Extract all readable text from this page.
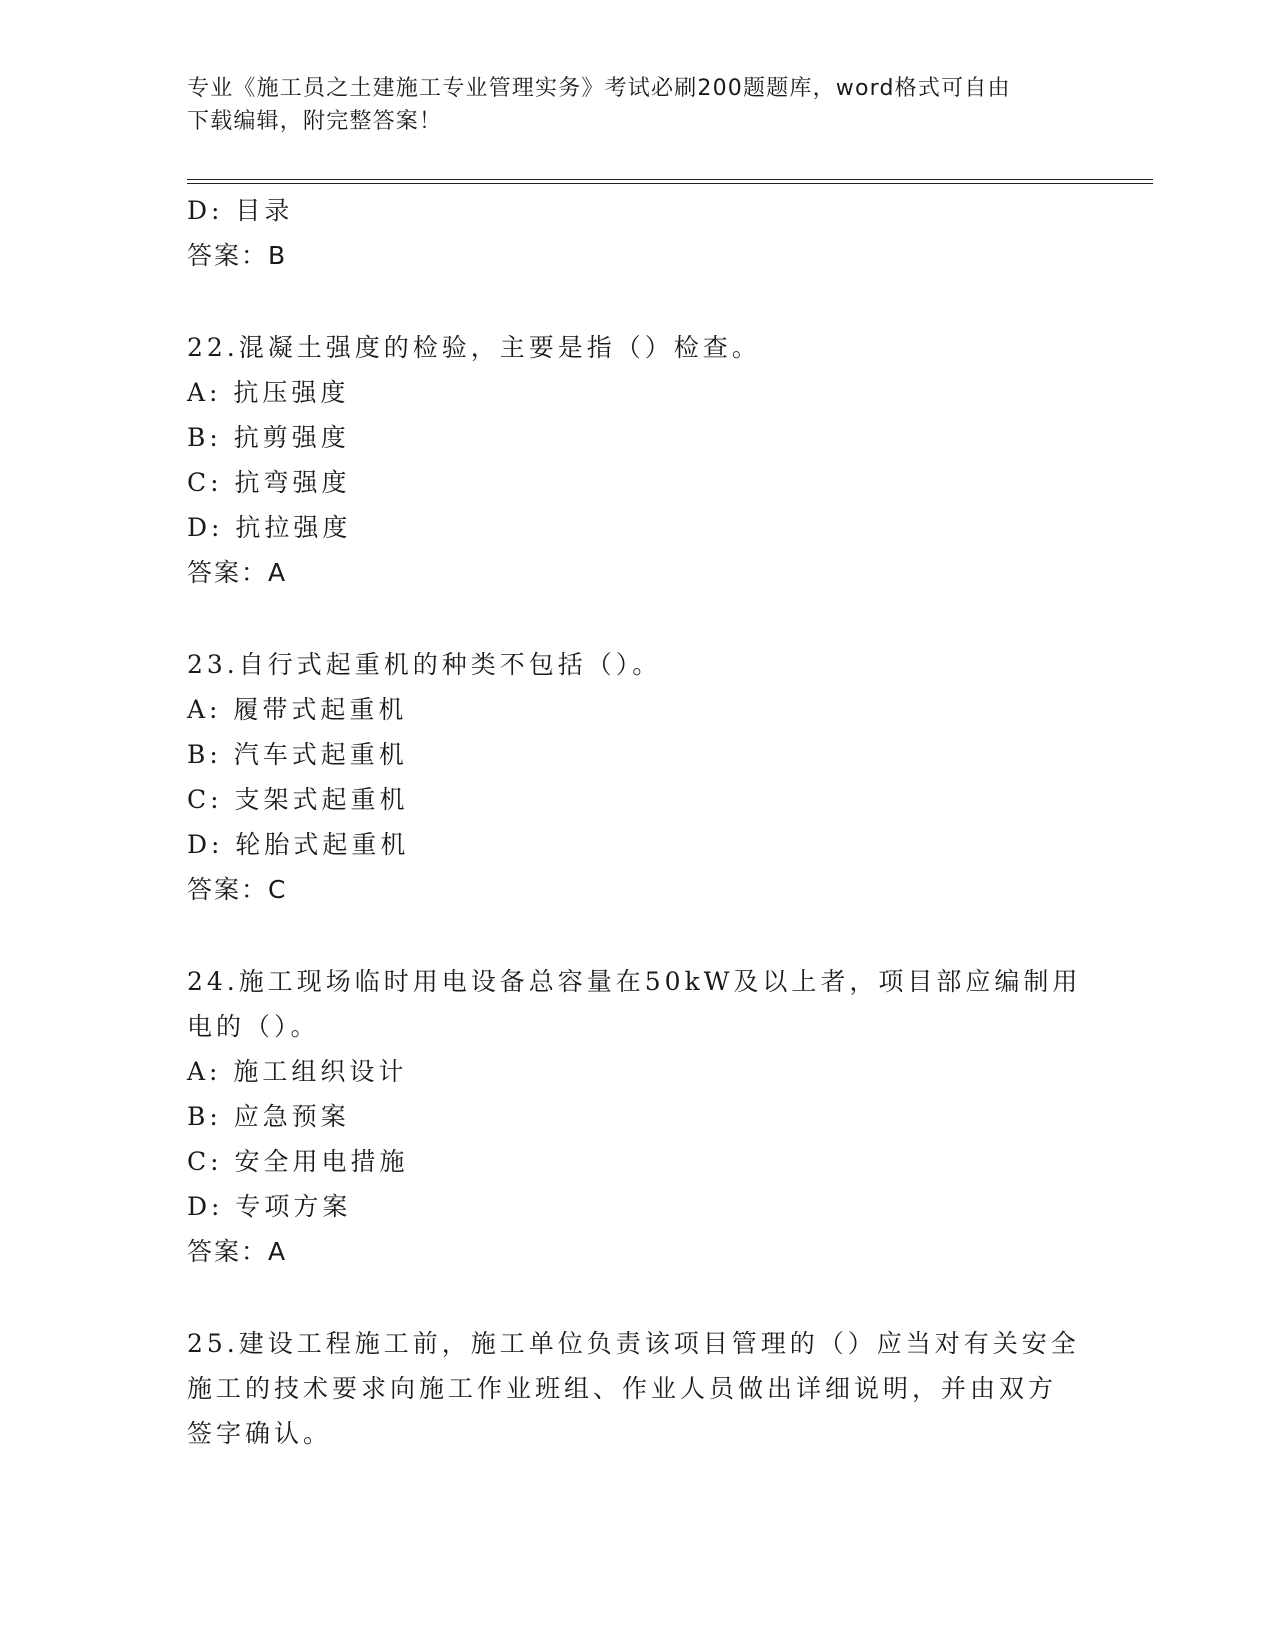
专业《施工员之土建施工专业管理实务》考试必刷200题题库，word格式可自由
下载编辑，附完整答案！
D: 目录
答案：B
22.混凝土强度的检验，主要是指（）检查。
A: 抗压强度
B: 抗剪强度
C: 抗弯强度
D: 抗拉强度
答案：A
23.自行式起重机的种类不包括（）。
A: 履带式起重机
B: 汽车式起重机
C: 支架式起重机
D: 轮胎式起重机
答案：C
24.施工现场临时用电设备总容量在50kW及以上者，项目部应编制用
电的（）。
A: 施工组织设计
B: 应急预案
C: 安全用电措施
D: 专项方案
答案：A
25.建设工程施工前，施工单位负责该项目管理的（）应当对有关安全
施工的技术要求向施工作业班组、作业人员做出详细说明，并由双方
签字确认。
